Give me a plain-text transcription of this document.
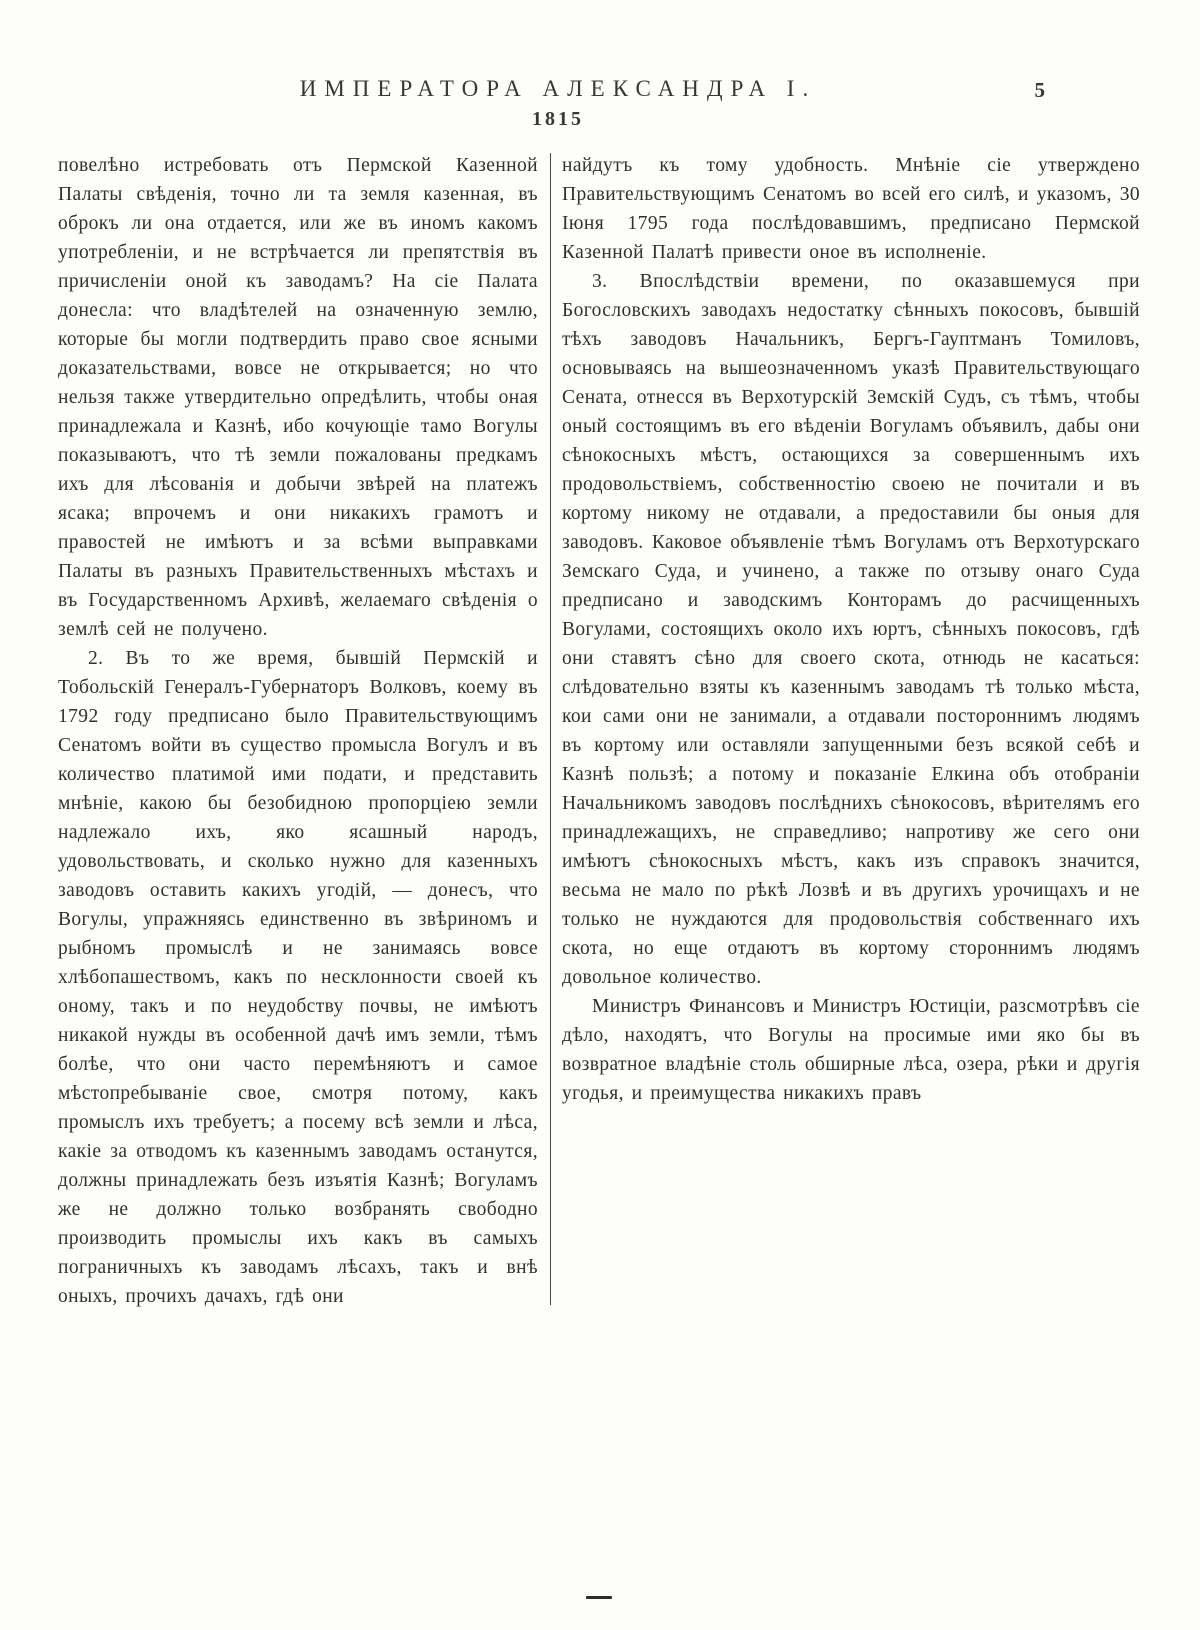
ИМПЕРАТОРА АЛЕКСАНДРА I.	5
1815

повелѣно истребовать отъ Пермской Казенной Палаты свѣденія, точно ли та земля казенная, въ оброкъ ли она отдается, или же въ иномъ какомъ употребленіи, и не встрѣчается ли препятствія въ причисленіи оной къ заводамъ? На сіе Палата донесла: что владѣтелей на означенную землю, которые бы могли подтвердить право свое ясными доказательствами, вовсе не открывается; но что нельзя также утвердительно опредѣлить, чтобы оная принадлежала и Казнѣ, ибо кочующіе тамо Вогулы показываютъ, что тѣ земли пожалованы предкамъ ихъ для лѣсованія и добычи звѣрей на платежъ ясака; впрочемъ и они никакихъ грамотъ и правостей не имѣютъ и за всѣми выправками Палаты въ разныхъ Правительственныхъ мѣстахъ и въ Государственномъ Архивѣ, желаемаго свѣденія о землѣ сей не получено.

2. Въ то же время, бывшій Пермскій и Тобольскій Генералъ-Губернаторъ Волковъ, коему въ 1792 году предписано было Правительствующимъ Сенатомъ войти въ существо промысла Вогулъ и въ количество платимой ими подати, и представить мнѣніе, какою бы безобидною пропорціею земли надлежало ихъ, яко ясашный народъ, удовольствовать, и сколько нужно для казенныхъ заводовъ оставить какихъ угодій, — донесъ, что Вогулы, упражняясь единственно въ звѣриномъ и рыбномъ промыслѣ и не занимаясь вовсе хлѣбопашествомъ, какъ по несклонности своей къ оному, такъ и по неудобству почвы, не имѣютъ никакой нужды въ особенной дачѣ имъ земли, тѣмъ болѣе, что они часто перемѣняютъ и самое мѣстопребываніе свое, смотря потому, какъ промыслъ ихъ требуетъ; а посему всѣ земли и лѣса, какіе за отводомъ къ казеннымъ заводамъ останутся, должны принадлежать безъ изъятія Казнѣ; Вогуламъ же не должно только возбранять свободно производить промыслы ихъ какъ въ самыхъ пограничныхъ къ заводамъ лѣсахъ, такъ и внѣ оныхъ, прочихъ дачахъ, гдѣ они

найдутъ къ тому удобность. Мнѣніе сіе утверждено Правительствующимъ Сенатомъ во всей его силѣ, и указомъ, 30 Іюня 1795 года послѣдовавшимъ, предписано Пермской Казенной Палатѣ привести оное въ исполненіе.

3. Впослѣдствіи времени, по оказавшемуся при Богословскихъ заводахъ недостатку сѣнныхъ покосовъ, бывшій тѣхъ заводовъ Начальникъ, Бергъ-Гауптманъ Томиловъ, основываясь на вышеозначенномъ указѣ Правительствующаго Сената, отнесся въ Верхотурскій Земскій Судъ, съ тѣмъ, чтобы оный состоящимъ въ его вѣденіи Вогуламъ объявилъ, дабы они сѣнокосныхъ мѣстъ, остающихся за совершеннымъ ихъ продовольствіемъ, собственностію своею не почитали и въ кортому никому не отдавали, а предоставили бы оныя для заводовъ. Каковое объявленіе тѣмъ Вогуламъ отъ Верхотурскаго Земскаго Суда, и учинено, а также по отзыву онаго Суда предписано и заводскимъ Конторамъ до расчищенныхъ Вогулами, состоящихъ около ихъ юртъ, сѣнныхъ покосовъ, гдѣ они ставятъ сѣно для своего скота, отнюдь не касаться: слѣдовательно взяты къ казеннымъ заводамъ тѣ только мѣста, кои сами они не занимали, а отдавали постороннимъ людямъ въ кортому или оставляли запущенными безъ всякой себѣ и Казнѣ пользѣ; а потому и показаніе Елкина объ отобраніи Начальникомъ заводовъ послѣднихъ сѣнокосовъ, вѣрителямъ его принадлежащихъ, не справедливо; напротиву же сего они имѣютъ сѣнокосныхъ мѣстъ, какъ изъ справокъ значится, весьма не мало по рѣкѣ Лозвѣ и въ другихъ урочищахъ и не только не нуждаются для продовольствія собственнаго ихъ скота, но еще отдаютъ въ кортому стороннимъ людямъ довольное количество.

Министръ Финансовъ и Министръ Юстиціи, разсмотрѣвъ сіе дѣло, находятъ, что Вогулы на просимые ими яко бы въ возвратное владѣніе столь обширные лѣса, озера, рѣки и другія угодья, и преимущества никакихъ правъ
